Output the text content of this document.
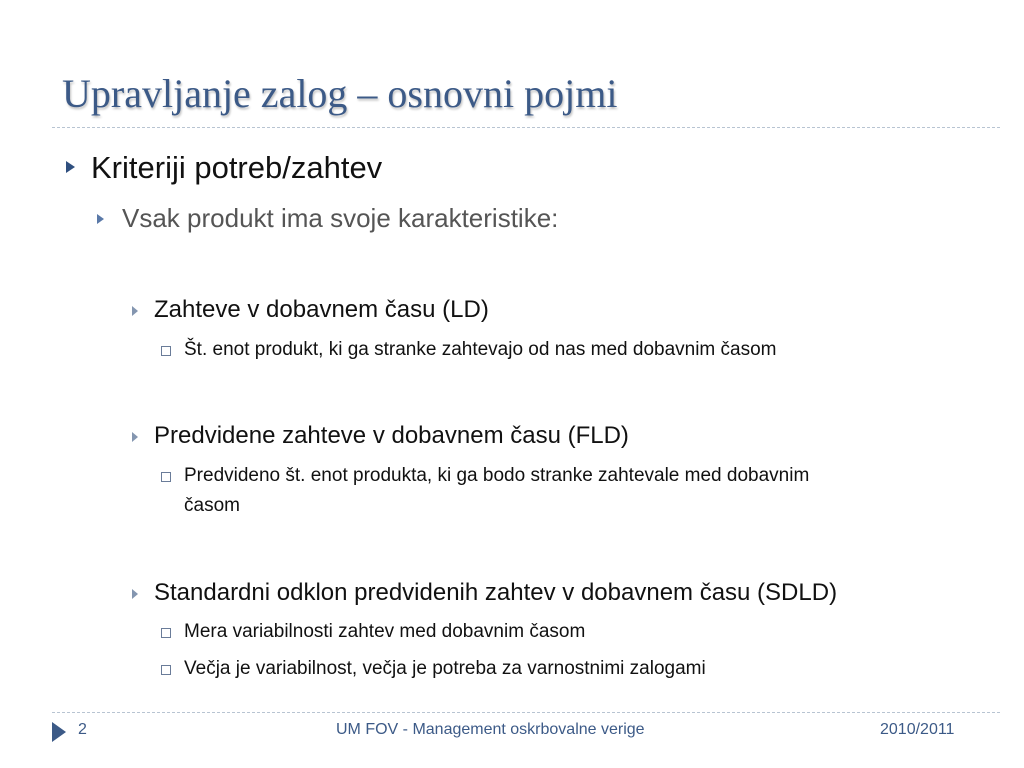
Upravljanje zalog – osnovni pojmi
Kriteriji potreb/zahtev
Vsak produkt ima svoje karakteristike:
Zahteve v dobavnem času (LD)
Št. enot produkt, ki ga stranke zahtevajo od nas med dobavnim časom
Predvidene zahteve v dobavnem času (FLD)
Predvideno št. enot produkta, ki ga bodo stranke zahtevale med dobavnim
časom
Standardni odklon predvidenih zahtev v dobavnem času (SDLD)
Mera variabilnosti zahtev med dobavnim časom
Večja je variabilnost, večja je potreba za varnostnimi zalogami
2	UM FOV - Management oskrbovalne verige	2010/2011
